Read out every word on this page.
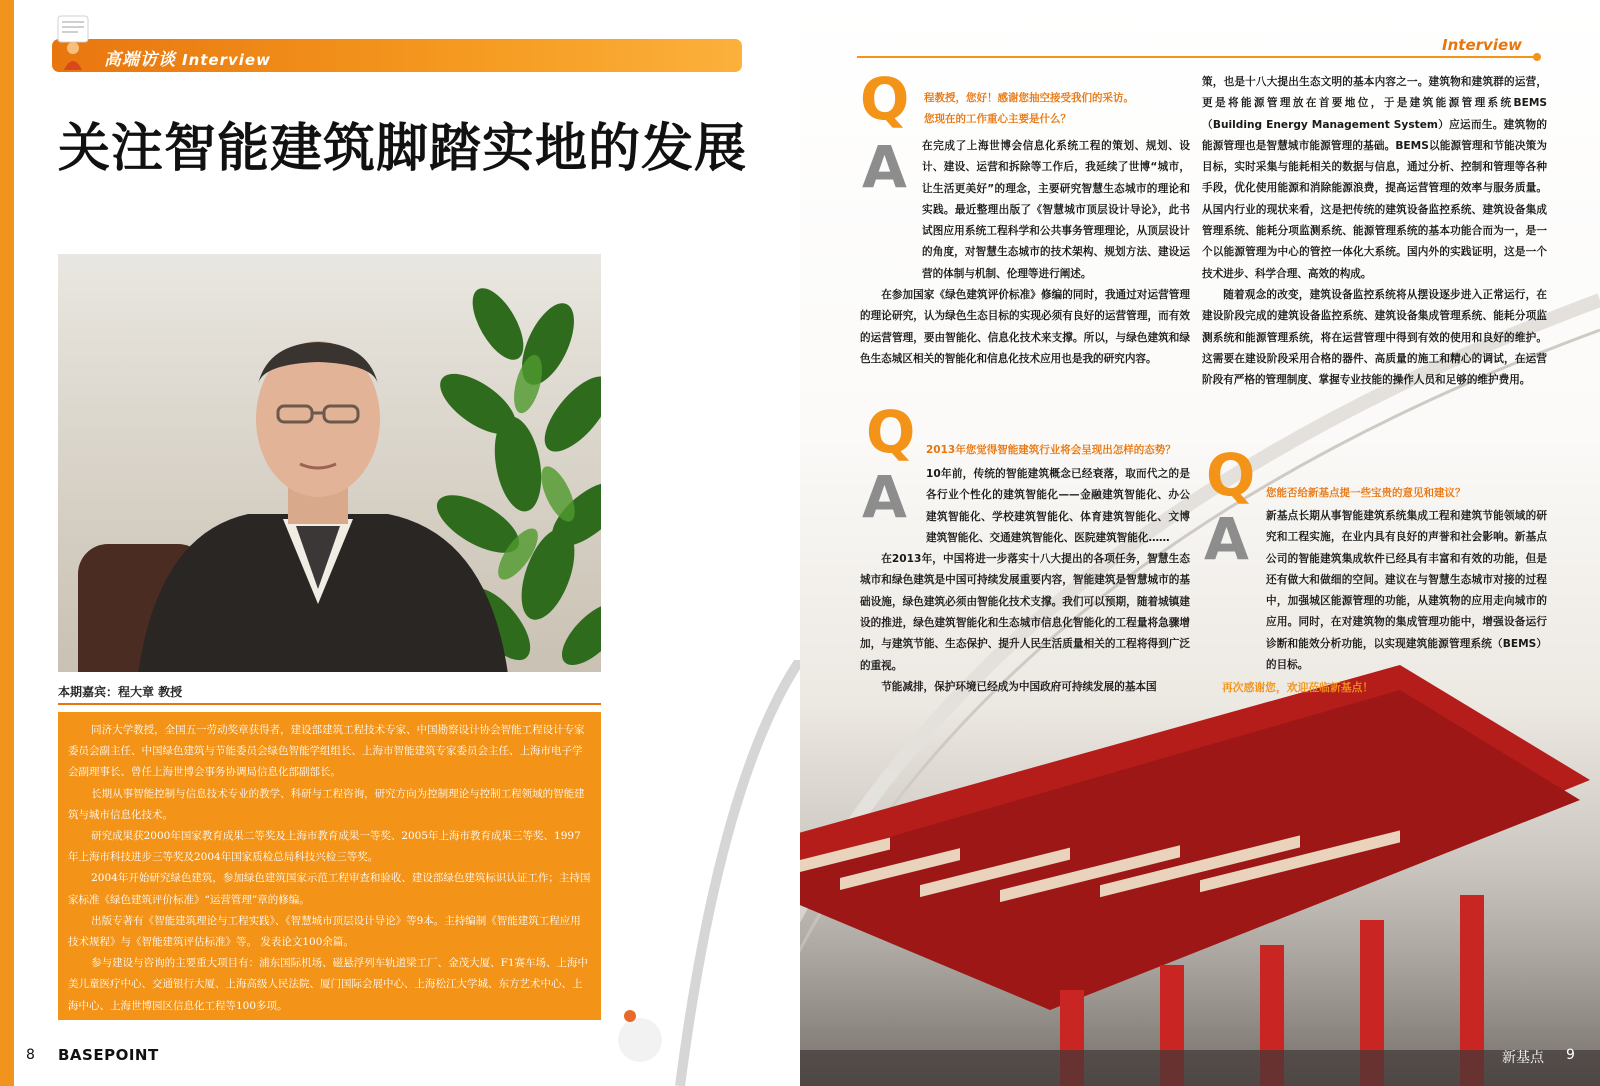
高端访谈 Interview
关注智能建筑脚踏实地的发展
本期嘉宾：程大章 教授

同济大学教授，全国五一劳动奖章获得者，建设部建筑工程技术专家、中国勘察设计协会智能工程设计专家委员会副主任、中国绿色建筑与节能委员会绿色智能学组组长、上海市智能建筑专家委员会主任、上海市电子学会副理事长、曾任上海世博会事务协调局信息化部副部长。

长期从事智能控制与信息技术专业的教学、科研与工程咨询，研究方向为控制理论与控制工程领域的智能建筑与城市信息化技术。

研究成果获2000年国家教育成果二等奖及上海市教育成果一等奖、2005年上海市教育成果三等奖、1997年上海市科技进步三等奖及2004年国家质检总局科技兴检三等奖。

2004年开始研究绿色建筑，参加绿色建筑国家示范工程审查和验收、建设部绿色建筑标识认证工作；主持国家标准《绿色建筑评价标准》“运营管理”章的修编。

出版专著有《智能建筑理论与工程实践》、《智慧城市顶层设计导论》等9本。主持编制《智能建筑工程应用技术规程》与《智能建筑评估标准》等。 发表论文100余篇。

参与建设与咨询的主要重大项目有：浦东国际机场、磁悬浮列车轨道梁工厂、金茂大厦、F1赛车场、上海中美儿童医疗中心、交通银行大厦、上海高级人民法院、厦门国际会展中心、上海松江大学城、东方艺术中心、上海中心、上海世博园区信息化工程等100多项。

8 BASEPOINT
Interview
Q 程教授，您好！感谢您抽空接受我们的采访。
您现在的工作重心主要是什么？
A	在完成了上海世博会信息化系统工程的策划、规划、设计、建设、运营和拆除等工作后，我延续了世博“城市，让生活更美好”的理念，主要研究智慧生态城市的理论和实践。最近整理出版了《智慧城市顶层设计导论》，此书试图应用系统工程科学和公共事务管理理论，从顶层设计的角度，对智慧生态城市的技术架构、规划方法、建设运营的体制与机制、伦理等进行阐述。

在参加国家《绿色建筑评价标准》修编的同时，我通过对运营管理的理论研究，认为绿色生态目标的实现必须有良好的运营管理，而有效的运营管理，要由智能化、信息化技术来支撑。所以，与绿色建筑和绿色生态城区相关的智能化和信息化技术应用也是我的研究内容。

Q 2013年您觉得智能建筑行业将会呈现出怎样的态势？
A	10年前，传统的智能建筑概念已经衰落，取而代之的是各行业个性化的建筑智能化——金融建筑智能化、办公建筑智能化、学校建筑智能化、体育建筑智能化、文博建筑智能化、交通建筑智能化、医院建筑智能化……

在2013年，中国将进一步落实十八大提出的各项任务，智慧生态城市和绿色建筑是中国可持续发展重要内容，智能建筑是智慧城市的基础设施，绿色建筑必须由智能化技术支撑。我们可以预期，随着城镇建设的推进，绿色建筑智能化和生态城市信息化智能化的工程量将急骤增加，与建筑节能、生态保护、提升人民生活质量相关的工程将得到广泛的重视。

节能减排，保护环境已经成为中国政府可持续发展的基本国

策，也是十八大提出生态文明的基本内容之一。建筑物和建筑群的运营，更是将能源管理放在首要地位，于是建筑能源管理系统BEMS（Building Energy Management System）应运而生。建筑物的能源管理也是智慧城市能源管理的基础。BEMS以能源管理和节能决策为目标，实时采集与能耗相关的数据与信息，通过分析、控制和管理等各种手段，优化使用能源和消除能源浪费，提高运营管理的效率与服务质量。从国内行业的现状来看，这是把传统的建筑设备监控系统、建筑设备集成管理系统、能耗分项监测系统、能源管理系统的基本功能合而为一，是一个以能源管理为中心的管控一体化大系统。国内外的实践证明，这是一个技术进步、科学合理、高效的构成。

随着观念的改变，建筑设备监控系统将从摆设逐步进入正常运行，在建设阶段完成的建筑设备监控系统、建筑设备集成管理系统、能耗分项监测系统和能源管理系统，将在运营管理中得到有效的使用和良好的维护。这需要在建设阶段采用合格的器件、高质量的施工和精心的调试，在运营阶段有严格的管理制度、掌握专业技能的操作人员和足够的维护费用。

Q 您能否给新基点提一些宝贵的意见和建议？
A	新基点长期从事智能建筑系统集成工程和建筑节能领域的研究和工程实施，在业内具有良好的声誉和社会影响。新基点公司的智能建筑集成软件已经具有丰富和有效的功能，但是还有做大和做细的空间。建议在与智慧生态城市对接的过程中，加强城区能源管理的功能，从建筑物的应用走向城市的应用。同时，在对建筑物的集成管理功能中，增强设备运行诊断和能效分析功能，以实现建筑能源管理系统（BEMS）的目标。

再次感谢您，欢迎莅临新基点！
新基点 9
